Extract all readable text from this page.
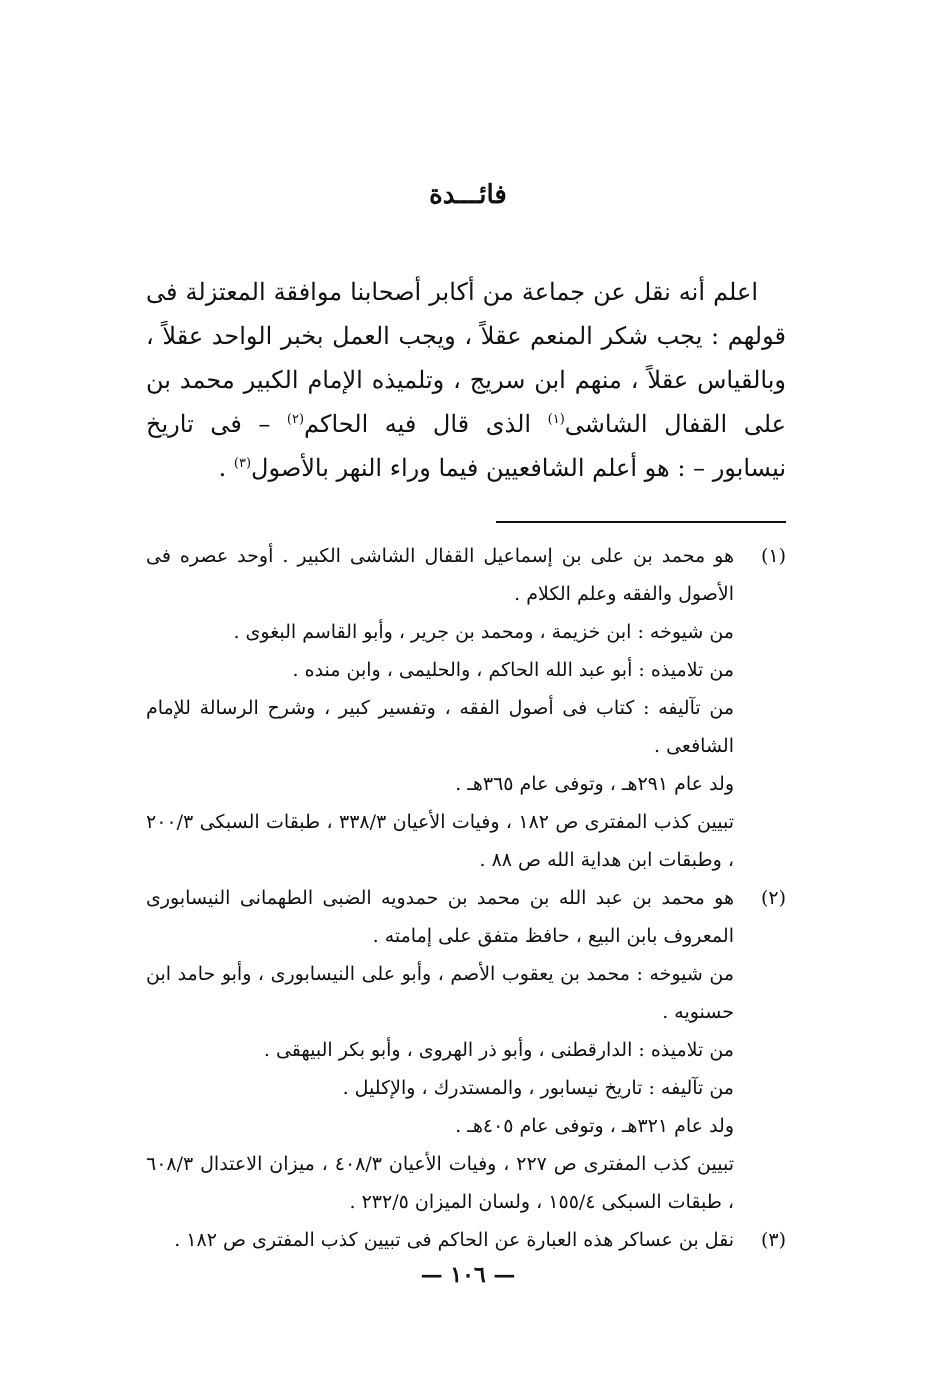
فائـــدة

اعلم أنه نقل عن جماعة من أكابر أصحابنا موافقة المعتزلة فى قولهم : يجب شكر المنعم عقلاً ، ويجب العمل بخبر الواحد عقلاً ، وبالقياس عقلاً ، منهم ابن سريج ، وتلميذه الإمام الكبير محمد بن على القفال الشاشى$^{(١)}$ الذى قال فيه الحاكم$^{(٢)}$ – فى تاريخ نيسابور – : هو أعلم الشافعيين فيما وراء النهر بالأصول$^{(٣)}$ .

(١)
هو محمد بن على بن إسماعيل القفال الشاشى الكبير . أوحد عصره فى الأصول والفقه وعلم الكلام .
من شيوخه : ابن خزيمة ، ومحمد بن جرير ، وأبو القاسم البغوى .
من تلاميذه : أبو عبد الله الحاكم ، والحليمى ، وابن منده .
من تآليفه : كتاب فى أصول الفقه ، وتفسير كبير ، وشرح الرسالة للإمام الشافعى .
ولد عام ٢٩١هـ ، وتوفى عام ٣٦٥هـ .
تبيين كذب المفترى ص ١٨٢ ، وفيات الأعيان ٣٣٨/٣ ، طبقات السبكى ٢٠٠/٣ ، وطبقات ابن هداية الله ص ٨٨ .
(٢)
هو محمد بن عبد الله بن محمد بن حمدويه الضبى الطهمانى النيسابورى المعروف بابن البيع ، حافظ متفق على إمامته .
من شيوخه : محمد بن يعقوب الأصم ، وأبو على النيسابورى ، وأبو حامد ابن حسنويه .
من تلاميذه : الدارقطنى ، وأبو ذر الهروى ، وأبو بكر البيهقى .
من تآليفه : تاريخ نيسابور ، والمستدرك ، والإكليل .
ولد عام ٣٢١هـ ، وتوفى عام ٤٠٥هـ .
تبيين كذب المفترى ص ٢٢٧ ، وفيات الأعيان ٤٠٨/٣ ، ميزان الاعتدال ٦٠٨/٣ ، طبقات السبكى ١٥٥/٤ ، ولسان الميزان ٢٣٢/٥ .
(٣)
نقل بن عساكر هذه العبارة عن الحاكم فى تبيين كذب المفترى ص ١٨٢ .
— ١٠٦ —
